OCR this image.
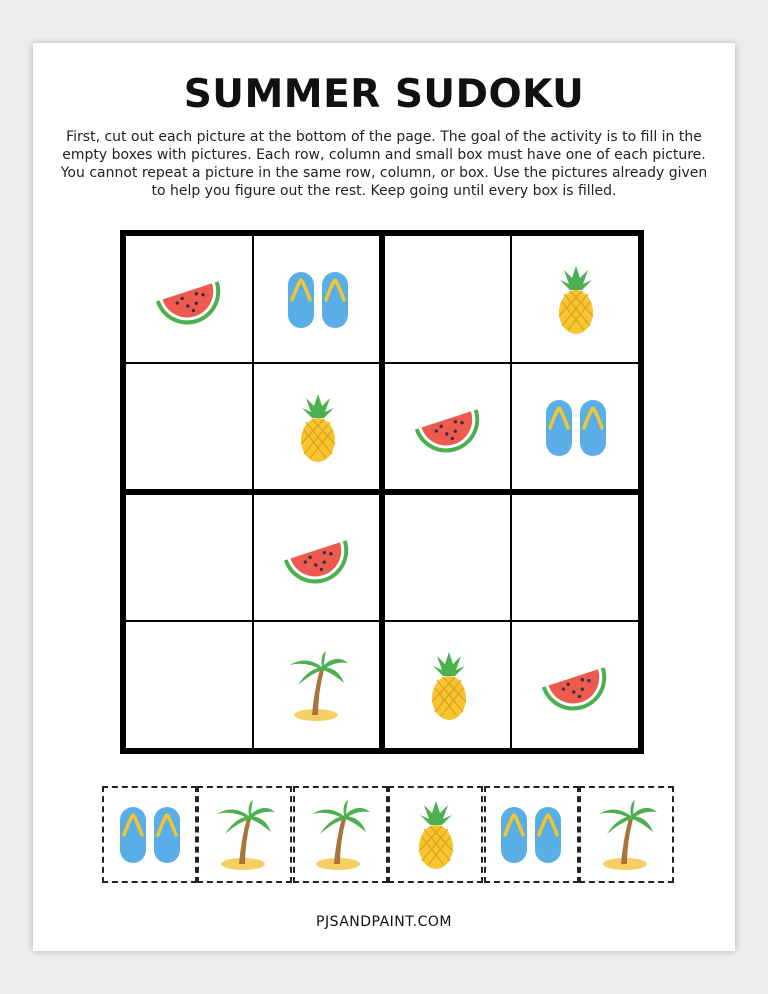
SUMMER SUDOKU

First, cut out each picture at the bottom of the page. The goal of the activity is to fill in the empty boxes with pictures. Each row, column and small box must have one of each picture. You cannot repeat a picture in the same row, column, or box. Use the pictures already given to help you figure out the rest. Keep going until every box is filled.

PJSANDPAINT.COM
